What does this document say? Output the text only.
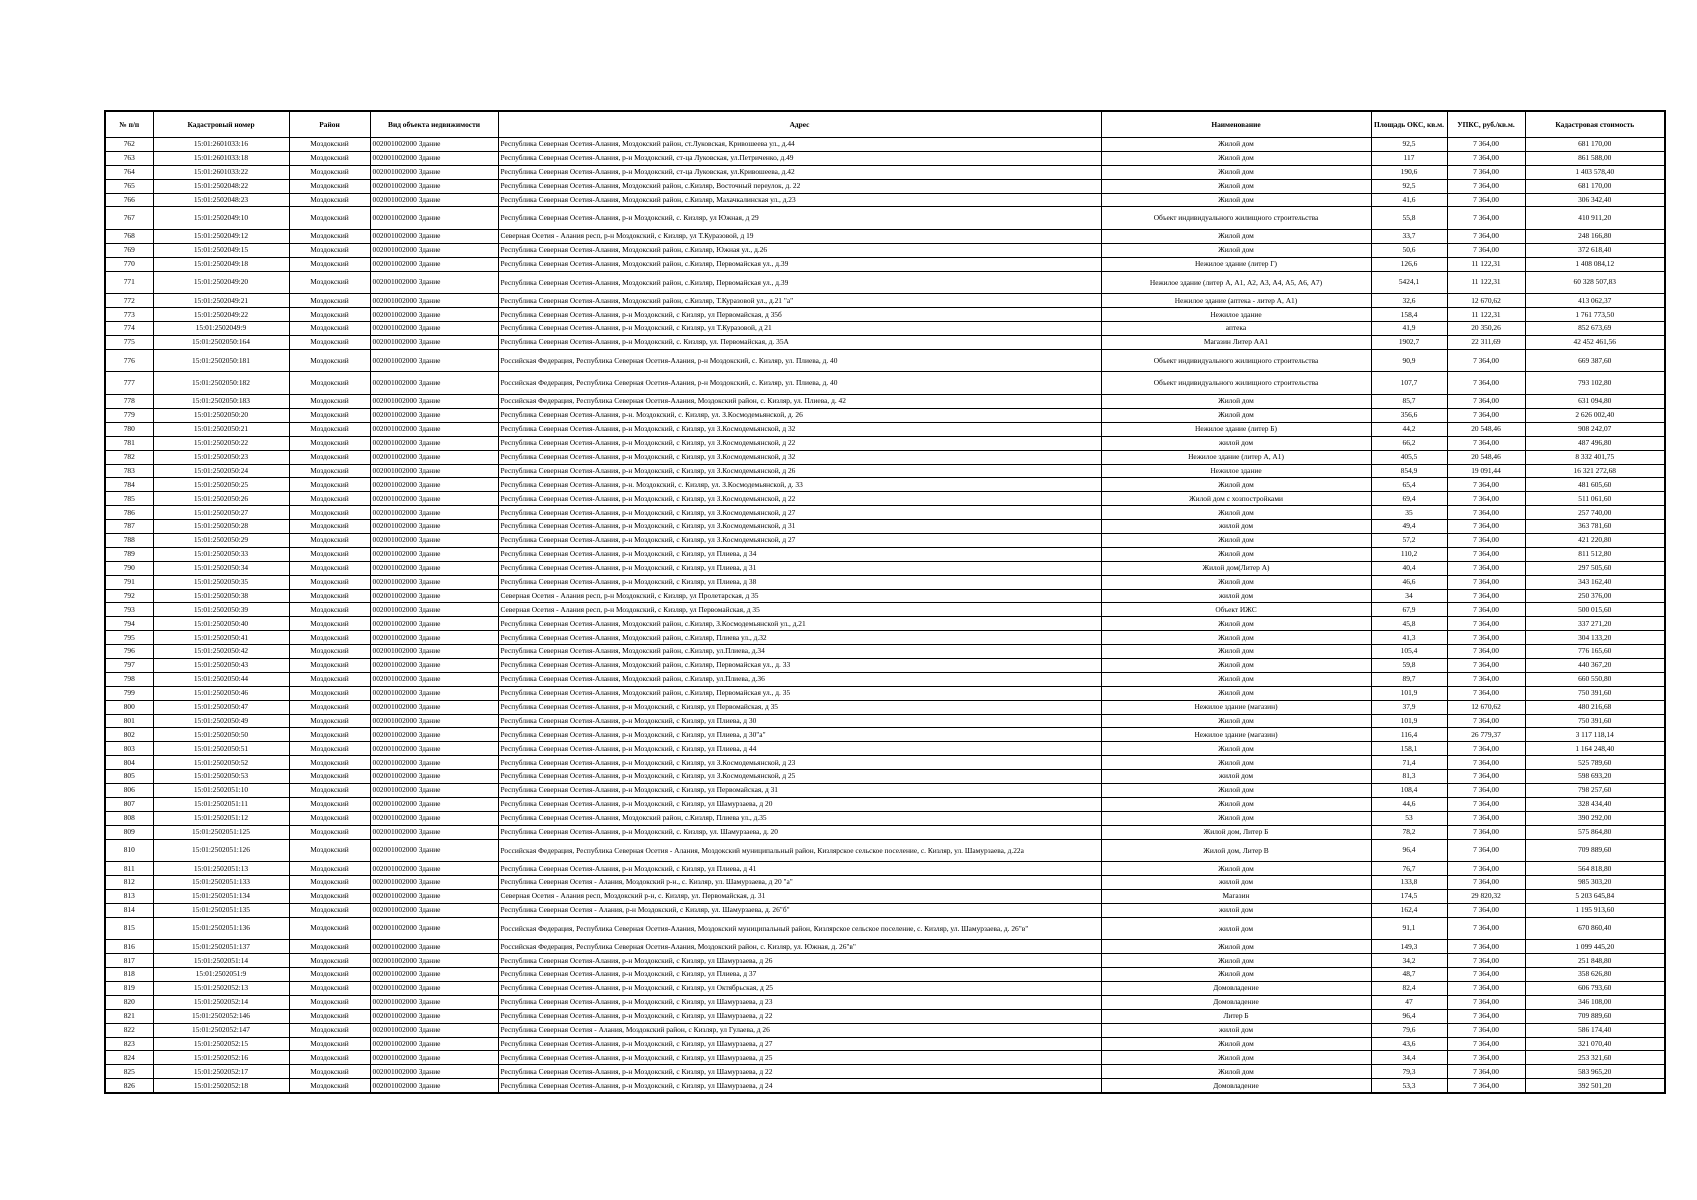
№ п/п	Кадастровый номер	Район	Вид объекта недвижимости	Адрес	Наименование	Площадь ОКС, кв.м.	УПКС, руб./кв.м.	Кадастровая стоимость
762	15:01:2601033:16	Моздокский	002001002000 Здание	Республика Северная Осетия-Алания, Моздокский район, ст.Луковская, Кривошеева ул., д.44	Жилой дом	92,5	7 364,00	681 170,00
763	15:01:2601033:18	Моздокский	002001002000 Здание	Республика Северная Осетия-Алания, р-н Моздокский, ст-ца Луковская, ул.Петриченко, д.49	Жилой дом	117	7 364,00	861 588,00
764	15:01:2601033:22	Моздокский	002001002000 Здание	Республика Северная Осетия-Алания, р-н Моздокский, ст-ца Луковская, ул.Кривошеева, д.42	Жилой дом	190,6	7 364,00	1 403 578,40
765	15:01:2502048:22	Моздокский	002001002000 Здание	Республика Северная Осетия-Алания, Моздокский район, с.Кизляр, Восточный переулок, д. 22	Жилой дом	92,5	7 364,00	681 170,00
766	15:01:2502048:23	Моздокский	002001002000 Здание	Республика Северная Осетия-Алания, Моздокский район, с.Кизляр, Махачкалинская ул., д.23	Жилой дом	41,6	7 364,00	306 342,40
767	15:01:2502049:10	Моздокский	002001002000 Здание	Республика Северная Осетия-Алания, р-н Моздокский, с. Кизляр, ул Южная, д 29	Объект индивидуального жилищного строительства	55,8	7 364,00	410 911,20
768	15:01:2502049:12	Моздокский	002001002000 Здание	Северная Осетия - Алания респ, р-н Моздокский, с Кизляр, ул Т.Куразовой, д 19	Жилой дом	33,7	7 364,00	248 166,80
769	15:01:2502049:15	Моздокский	002001002000 Здание	Республика Северная Осетия-Алания, Моздокский район, с.Кизляр, Южная ул., д.26	Жилой дом	50,6	7 364,00	372 618,40
770	15:01:2502049:18	Моздокский	002001002000 Здание	Республика Северная Осетия-Алания, Моздокский район, с.Кизляр, Первомайская ул., д.39	Нежилое здание (литер Г)	126,6	11 122,31	1 408 084,12
771	15:01:2502049:20	Моздокский	002001002000 Здание	Республика Северная Осетия-Алания, Моздокский район, с.Кизляр, Первомайская ул., д.39	Нежилое здание (литер А, А1, А2, А3, А4, А5, А6, А7)	5424,1	11 122,31	60 328 507,83
772	15:01:2502049:21	Моздокский	002001002000 Здание	Республика Северная Осетия-Алания, Моздокский район, с.Кизляр, Т.Куразовой ул., д.21 "а"	Нежилое здание (аптека - литер А, А1)	32,6	12 670,62	413 062,37
773	15:01:2502049:22	Моздокский	002001002000 Здание	Республика Северная Осетия-Алания, р-н Моздокский, с Кизляр, ул Первомайская, д 35б	Нежилое здание	158,4	11 122,31	1 761 773,50
774	15:01:2502049:9	Моздокский	002001002000 Здание	Республика Северная Осетия-Алания, р-н Моздокский, с Кизляр, ул Т.Куразовой, д 21	аптека	41,9	20 350,26	852 673,69
775	15:01:2502050:164	Моздокский	002001002000 Здание	Республика Северная Осетия-Алания, р-н Моздокский, с. Кизляр, ул. Первомайская, д. 35А	Магазин Литер АА1	1902,7	22 311,69	42 452 461,56
776	15:01:2502050:181	Моздокский	002001002000 Здание	Российская Федерация, Республика Северная Осетия-Алания, р-н Моздокский, с. Кизляр, ул. Плиева, д. 40	Объект индивидуального жилищного строительства	90,9	7 364,00	669 387,60
777	15:01:2502050:182	Моздокский	002001002000 Здание	Российская Федерация, Республика Северная Осетия-Алания, р-н Моздокский, с. Кизляр, ул. Плиева, д. 40	Объект индивидуального жилищного строительства	107,7	7 364,00	793 102,80
778	15:01:2502050:183	Моздокский	002001002000 Здание	Российская Федерация, Республика Северная Осетия-Алания, Моздокский район, с. Кизляр, ул. Плиева, д. 42	Жилой дом	85,7	7 364,00	631 094,80
779	15:01:2502050:20	Моздокский	002001002000 Здание	Республика Северная Осетия-Алания, р-н. Моздокский, с. Кизляр, ул. З.Космодемьянской, д. 26	Жилой дом	356,6	7 364,00	2 626 002,40
780	15:01:2502050:21	Моздокский	002001002000 Здание	Республика Северная Осетия-Алания, р-н Моздокский, с Кизляр, ул З.Космодемьянской, д 32	Нежилое здание (литер Б)	44,2	20 548,46	908 242,07
781	15:01:2502050:22	Моздокский	002001002000 Здание	Республика Северная Осетия-Алания, р-н Моздокский, с Кизляр, ул З.Космодемьянской, д 22	жилой дом	66,2	7 364,00	487 496,80
782	15:01:2502050:23	Моздокский	002001002000 Здание	Республика Северная Осетия-Алания, р-н Моздокский, с Кизляр, ул З.Космодемьянской, д 32	Нежилое здание (литер А, А1)	405,5	20 548,46	8 332 401,75
783	15:01:2502050:24	Моздокский	002001002000 Здание	Республика Северная Осетия-Алания, р-н Моздокский, с Кизляр, ул З.Космодемьянской, д 26	Нежилое здание	854,9	19 091,44	16 321 272,68
784	15:01:2502050:25	Моздокский	002001002000 Здание	Республика Северная Осетия-Алания, р-н. Моздокский, с. Кизляр, ул. З.Космодемьянской, д. 33	Жилой дом	65,4	7 364,00	481 605,60
785	15:01:2502050:26	Моздокский	002001002000 Здание	Республика Северная Осетия-Алания, р-н Моздокский, с Кизляр, ул З.Космодемьянской, д 22	Жилой дом с хозпостройками	69,4	7 364,00	511 061,60
786	15:01:2502050:27	Моздокский	002001002000 Здание	Республика Северная Осетия-Алания, р-н Моздокский, с Кизляр, ул З.Космодемьянской, д 27	Жилой дом	35	7 364,00	257 740,00
787	15:01:2502050:28	Моздокский	002001002000 Здание	Республика Северная Осетия-Алания, р-н Моздокский, с Кизляр, ул З.Космодемьянской, д 31	жилой дом	49,4	7 364,00	363 781,60
788	15:01:2502050:29	Моздокский	002001002000 Здание	Республика Северная Осетия-Алания, р-н Моздокский, с Кизляр, ул З.Космодемьянской, д 27	Жилой дом	57,2	7 364,00	421 220,80
789	15:01:2502050:33	Моздокский	002001002000 Здание	Республика Северная Осетия-Алания, р-н Моздокский, с Кизляр, ул Плиева, д 34	Жилой дом	110,2	7 364,00	811 512,80
790	15:01:2502050:34	Моздокский	002001002000 Здание	Республика Северная Осетия-Алания, р-н Моздокский, с Кизляр, ул Плиева, д 31	Жилой дом(Литер А)	40,4	7 364,00	297 505,60
791	15:01:2502050:35	Моздокский	002001002000 Здание	Республика Северная Осетия-Алания, р-н Моздокский, с Кизляр, ул Плиева, д 38	Жилой дом	46,6	7 364,00	343 162,40
792	15:01:2502050:38	Моздокский	002001002000 Здание	Северная Осетия - Алания респ, р-н Моздокский, с Кизляр, ул Пролетарская, д 35	жилой дом	34	7 364,00	250 376,00
793	15:01:2502050:39	Моздокский	002001002000 Здание	Северная Осетия - Алания респ, р-н Моздокский, с Кизляр, ул Первомайская, д 35	Объект ИЖС	67,9	7 364,00	500 015,60
794	15:01:2502050:40	Моздокский	002001002000 Здание	Республика Северная Осетия-Алания, Моздокский район, с.Кизляр, З.Космодемьянской ул., д.21	Жилой дом	45,8	7 364,00	337 271,20
795	15:01:2502050:41	Моздокский	002001002000 Здание	Республика Северная Осетия-Алания, Моздокский район, с.Кизляр, Плиева ул., д.32	Жилой дом	41,3	7 364,00	304 133,20
796	15:01:2502050:42	Моздокский	002001002000 Здание	Республика Северная Осетия-Алания, Моздокский район, с.Кизляр, ул.Плиева, д.34	Жилой дом	105,4	7 364,00	776 165,60
797	15:01:2502050:43	Моздокский	002001002000 Здание	Республика Северная Осетия-Алания, Моздокский район, с.Кизляр, Первомайская ул., д. 33	Жилой дом	59,8	7 364,00	440 367,20
798	15:01:2502050:44	Моздокский	002001002000 Здание	Республика Северная Осетия-Алания, Моздокский район, с.Кизляр, ул.Плиева, д.36	Жилой дом	89,7	7 364,00	660 550,80
799	15:01:2502050:46	Моздокский	002001002000 Здание	Республика Северная Осетия-Алания, Моздокский район, с.Кизляр, Первомайская ул., д. 35	Жилой дом	101,9	7 364,00	750 391,60
800	15:01:2502050:47	Моздокский	002001002000 Здание	Республика Северная Осетия-Алания, р-н Моздокский, с Кизляр, ул Первомайская, д 35	Нежилое здание (магазин)	37,9	12 670,62	480 216,68
801	15:01:2502050:49	Моздокский	002001002000 Здание	Республика Северная Осетия-Алания, р-н Моздокский, с Кизляр, ул Плиева, д 30	Жилой дом	101,9	7 364,00	750 391,60
802	15:01:2502050:50	Моздокский	002001002000 Здание	Республика Северная Осетия-Алания, р-н Моздокский, с Кизляр, ул Плиева, д 30"а"	Нежилое здание (магазин)	116,4	26 779,37	3 117 118,14
803	15:01:2502050:51	Моздокский	002001002000 Здание	Республика Северная Осетия-Алания, р-н Моздокский, с Кизляр, ул Плиева, д 44	Жилой дом	158,1	7 364,00	1 164 248,40
804	15:01:2502050:52	Моздокский	002001002000 Здание	Республика Северная Осетия-Алания, р-н Моздокский, с Кизляр, ул З.Космодемьянской, д 23	Жилой дом	71,4	7 364,00	525 789,60
805	15:01:2502050:53	Моздокский	002001002000 Здание	Республика Северная Осетия-Алания, р-н Моздокский, с Кизляр, ул З.Космодемьянской, д 25	жилой дом	81,3	7 364,00	598 693,20
806	15:01:2502051:10	Моздокский	002001002000 Здание	Республика Северная Осетия-Алания, р-н Моздокский, с Кизляр, ул Первомайская, д 31	Жилой дом	108,4	7 364,00	798 257,60
807	15:01:2502051:11	Моздокский	002001002000 Здание	Республика Северная Осетия-Алания, р-н Моздокский, с Кизляр, ул Шамурзаева, д 20	Жилой дом	44,6	7 364,00	328 434,40
808	15:01:2502051:12	Моздокский	002001002000 Здание	Республика Северная Осетия-Алания, Моздокский район, с.Кизляр, Плиева ул., д.35	Жилой дом	53	7 364,00	390 292,00
809	15:01:2502051:125	Моздокский	002001002000 Здание	Республика Северная Осетия-Алания, р-н Моздокский, с. Кизляр, ул. Шамурзаева, д. 20	Жилой дом, Литер Б	78,2	7 364,00	575 864,80
810	15:01:2502051:126	Моздокский	002001002000 Здание	Российская Федерация, Республика Северная Осетия - Алания, Моздокский муниципальный район, Кизлярское сельское поселение, с. Кизляр, ул. Шамурзаева, д.22а	Жилой дом, Литер В	96,4	7 364,00	709 889,60
811	15:01:2502051:13	Моздокский	002001002000 Здание	Республика Северная Осетия-Алания, р-н Моздокский, с Кизляр, ул Плиева, д 41	Жилой дом	76,7	7 364,00	564 818,80
812	15:01:2502051:133	Моздокский	002001002000 Здание	Республика Северная Осетия - Алания, Моздокский р-н., с. Кизляр, ул. Шамурзаева, д 20 "а"	жилой дом	133,8	7 364,00	985 303,20
813	15:01:2502051:134	Моздокский	002001002000 Здание	Северная Осетия - Алания респ, Моздокский р-н, с. Кизляр, ул. Первомайская, д. 31	Магазин	174,5	29 820,32	5 203 645,84
814	15:01:2502051:135	Моздокский	002001002000 Здание	Республика Северная Осетия - Алания, р-н Моздокский, с Кизляр, ул. Шамурзаева, д. 26"б"	жилой дом	162,4	7 364,00	1 195 913,60
815	15:01:2502051:136	Моздокский	002001002000 Здание	Российская Федерация, Республика Северная Осетия-Алания, Моздокский муниципальный район, Кизлярское сельское поселение, с. Кизляр, ул. Шамурзаева, д. 26"в"	жилой дом	91,1	7 364,00	670 860,40
816	15:01:2502051:137	Моздокский	002001002000 Здание	Российская Федерация, Республика Северная Осетия-Алания, Моздокский район, с. Кизляр, ул. Южная, д. 26"в"	Жилой дом	149,3	7 364,00	1 099 445,20
817	15:01:2502051:14	Моздокский	002001002000 Здание	Республика Северная Осетия-Алания, р-н Моздокский, с Кизляр, ул Шамурзаева, д 26	Жилой дом	34,2	7 364,00	251 848,80
818	15:01:2502051:9	Моздокский	002001002000 Здание	Республика Северная Осетия-Алания, р-н Моздокский, с Кизляр, ул Плиева, д 37	Жилой дом	48,7	7 364,00	358 626,80
819	15:01:2502052:13	Моздокский	002001002000 Здание	Республика Северная Осетия-Алания, р-н Моздокский, с Кизляр, ул Октябрьская, д 25	Домовладение	82,4	7 364,00	606 793,60
820	15:01:2502052:14	Моздокский	002001002000 Здание	Республика Северная Осетия-Алания, р-н Моздокский, с Кизляр, ул Шамурзаева, д 23	Домовладение	47	7 364,00	346 108,00
821	15:01:2502052:146	Моздокский	002001002000 Здание	Республика Северная Осетия-Алания, р-н Моздокский, с Кизляр, ул Шамурзаева, д 22	Литер Б	96,4	7 364,00	709 889,60
822	15:01:2502052:147	Моздокский	002001002000 Здание	Республика Северная Осетия - Алания, Моздокский район, с Кизляр, ул Гулаева, д 26	жилой дом	79,6	7 364,00	586 174,40
823	15:01:2502052:15	Моздокский	002001002000 Здание	Республика Северная Осетия-Алания, р-н Моздокский, с Кизляр, ул Шамурзаева, д 27	Жилой дом	43,6	7 364,00	321 070,40
824	15:01:2502052:16	Моздокский	002001002000 Здание	Республика Северная Осетия-Алания, р-н Моздокский, с Кизляр, ул Шамурзаева, д 25	Жилой дом	34,4	7 364,00	253 321,60
825	15:01:2502052:17	Моздокский	002001002000 Здание	Республика Северная Осетия-Алания, р-н Моздокский, с Кизляр, ул Шамурзаева, д 22	Жилой дом	79,3	7 364,00	583 965,20
826	15:01:2502052:18	Моздокский	002001002000 Здание	Республика Северная Осетия-Алания, р-н Моздокский, с Кизляр, ул Шамурзаева, д 24	Домовладение	53,3	7 364,00	392 501,20
